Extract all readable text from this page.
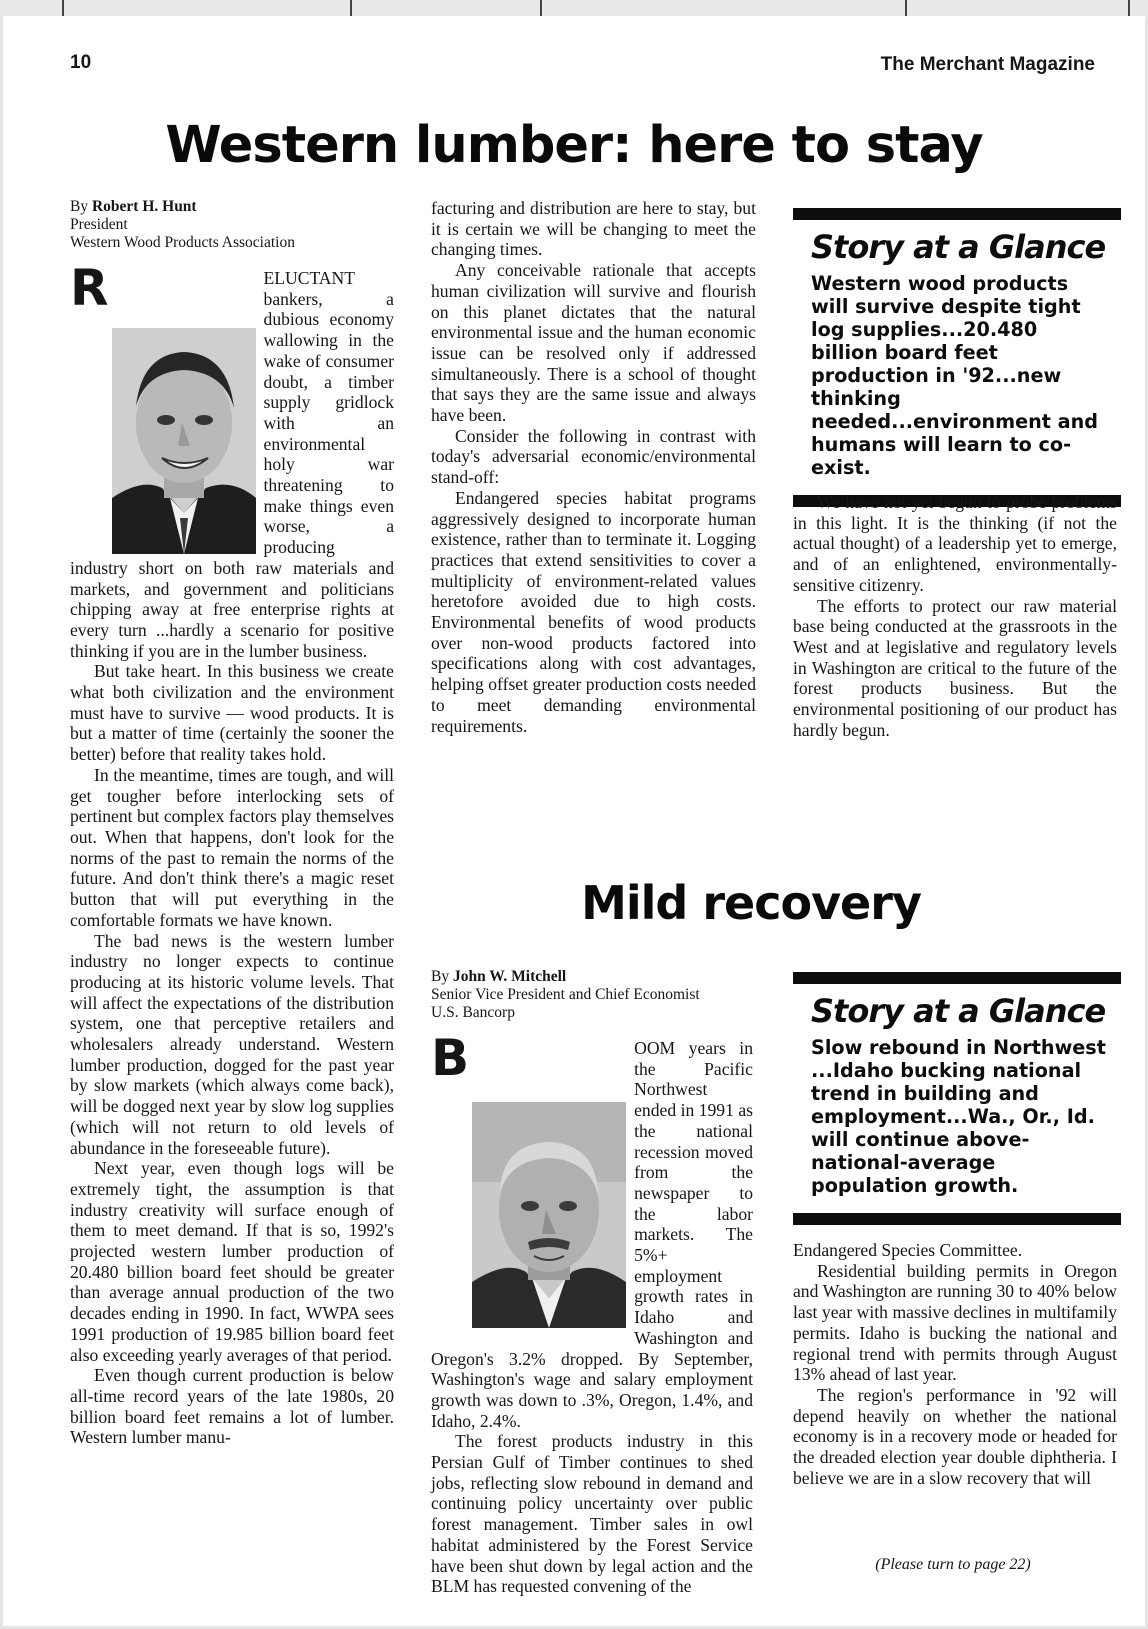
10	The Merchant Magazine
Western lumber: here to stay
By Robert H. Hunt
President
Western Wood Products Association

R	ELUCTANT bankers, a dubious economy wallowing in the wake of consumer doubt, a timber supply gridlock with an environmental holy war threatening to make things even worse, a producing industry short on both raw materials and markets, and government and politicians chipping away at free enterprise rights at every turn ...hardly a scenario for positive thinking if you are in the lumber business.

But take heart. In this business we create what both civilization and the environment must have to survive — wood products. It is but a matter of time (certainly the sooner the better) before that reality takes hold.

In the meantime, times are tough, and will get tougher before interlocking sets of pertinent but complex factors play themselves out. When that happens, don't look for the norms of the past to remain the norms of the future. And don't think there's a magic reset button that will put everything in the comfortable formats we have known.

The bad news is the western lumber industry no longer expects to continue producing at its historic volume levels. That will affect the expectations of the distribution system, one that perceptive retailers and wholesalers already understand. Western lumber production, dogged for the past year by slow markets (which always come back), will be dogged next year by slow log supplies (which will not return to old levels of abundance in the foreseeable future).

Next year, even though logs will be extremely tight, the assumption is that industry creativity will surface enough of them to meet demand. If that is so, 1992's projected western lumber production of 20.480 billion board feet should be greater than average annual production of the two decades ending in 1990. In fact, WWPA sees 1991 production of 19.985 billion board feet also exceeding yearly averages of that period.

Even though current production is below all-time record years of the late 1980s, 20 billion board feet remains a lot of lumber. Western lumber manu-

facturing and distribution are here to stay, but it is certain we will be changing to meet the changing times.

Any conceivable rationale that accepts human civilization will survive and flourish on this planet dictates that the natural environmental issue and the human economic issue can be resolved only if addressed simultaneously. There is a school of thought that says they are the same issue and always have been.

Consider the following in contrast with today's adversarial economic/environmental stand-off:

Endangered species habitat programs aggressively designed to incorporate human existence, rather than to terminate it. Logging practices that extend sensitivities to cover a multiplicity of environment-related values heretofore avoided due to high costs. Environmental benefits of wood products over non-wood products factored into specifications along with cost advantages, helping offset greater production costs needed to meet demanding environmental requirements.

Story at a Glance
Western wood products will survive despite tight log supplies...20.480 billion board feet production in '92...new thinking needed...environment and humans will learn to co-exist.

We have not yet begun to probe problems in this light. It is the thinking (if not the actual thought) of a leadership yet to emerge, and of an enlightened, environmentally-sensitive citizenry.

The efforts to protect our raw material base being conducted at the grassroots in the West and at legislative and regulatory levels in Washington are critical to the future of the forest products business. But the environmental positioning of our product has hardly begun.

Mild recovery
By John W. Mitchell
Senior Vice President and Chief Economist
U.S. Bancorp

B	OOM years in the Pacific Northwest ended in 1991 as the national recession moved from the newspaper to the labor markets. The 5%+ employment growth rates in Idaho and Washington and Oregon's 3.2% dropped. By September, Washington's wage and salary employment growth was down to .3%, Oregon, 1.4%, and Idaho, 2.4%.

The forest products industry in this Persian Gulf of Timber continues to shed jobs, reflecting slow rebound in demand and continuing policy uncertainty over public forest management. Timber sales in owl habitat administered by the Forest Service have been shut down by legal action and the BLM has requested convening of the

Story at a Glance
Slow rebound in Northwest ...Idaho bucking national trend in building and employment...Wa., Or., Id. will continue above-national-average population growth.

Endangered Species Committee.

Residential building permits in Oregon and Washington are running 30 to 40% below last year with massive declines in multifamily permits. Idaho is bucking the national and regional trend with permits through August 13% ahead of last year.

The region's performance in '92 will depend heavily on whether the national economy is in a recovery mode or headed for the dreaded election year double diphtheria. I believe we are in a slow recovery that will

(Please turn to page 22)
